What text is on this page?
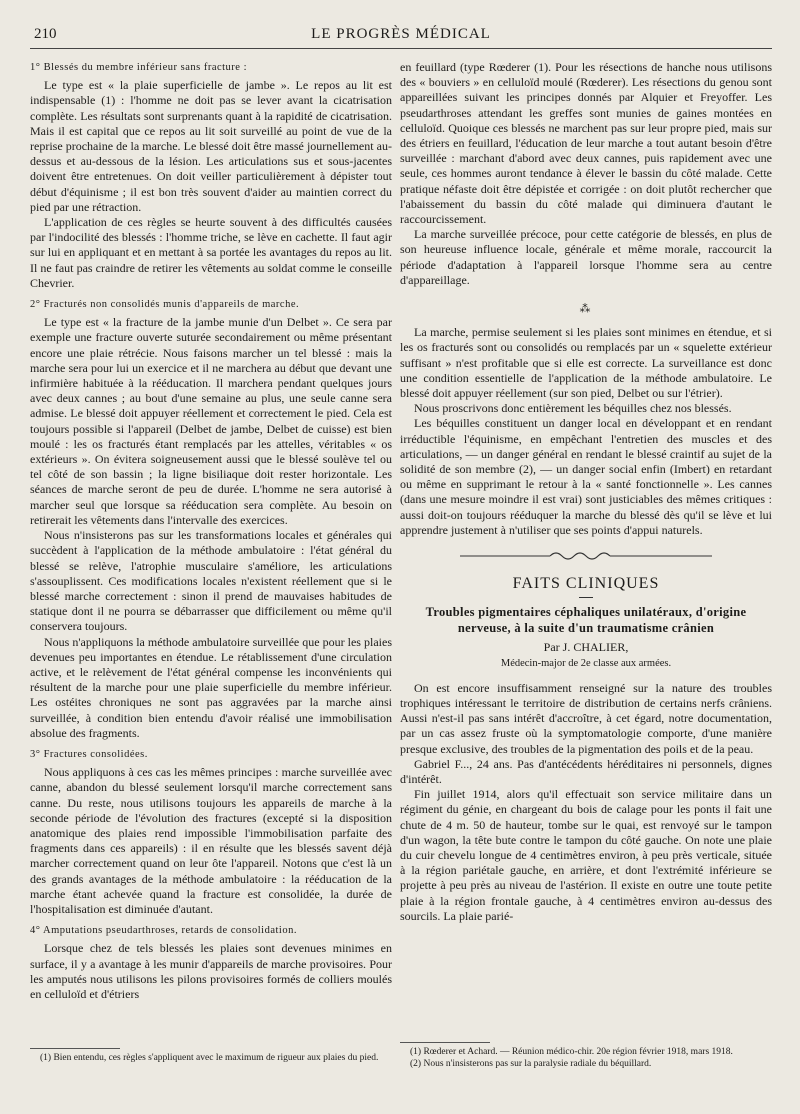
210	LE PROGRÈS MÉDICAL
1° Blessés du membre inférieur sans fracture :

Le type est « la plaie superficielle de jambe ». Le repos au lit est indispensable (1) : l'homme ne doit pas se lever avant la cicatrisation complète. Les résultats sont surprenants quant à la rapidité de cicatrisation. Mais il est capital que ce repos au lit soit surveillé au point de vue de la reprise prochaine de la marche. Le blessé doit être massé journellement au-dessus et au-dessous de la lésion. Les articulations sus et sous-jacentes doivent être entretenues. On doit veiller particulièrement à dépister tout début d'équinisme ; il est bon très souvent d'aider au maintien correct du pied par une rétraction.

L'application de ces règles se heurte souvent à des difficultés causées par l'indocilité des blessés : l'homme triche, se lève en cachette. Il faut agir sur lui en appliquant et en mettant à sa portée les avantages du repos au lit. Il ne faut pas craindre de retirer les vêtements au soldat comme le conseille Chevrier.

2° Fracturés non consolidés munis d'appareils de marche.

Le type est « la fracture de la jambe munie d'un Delbet ». Ce sera par exemple une fracture ouverte suturée secondairement ou même présentant encore une plaie rétrécie. Nous faisons marcher un tel blessé : mais la marche sera pour lui un exercice et il ne marchera au début que devant une infirmière habituée à la rééducation. Il marchera pendant quelques jours avec deux cannes ; au bout d'une semaine au plus, une seule canne sera admise. Le blessé doit appuyer réellement et correctement le pied. Cela est toujours possible si l'appareil (Delbet de jambe, Delbet de cuisse) est bien moulé : les os fracturés étant remplacés par les attelles, véritables « os extérieurs ». On évitera soigneusement aussi que le blessé soulève tel ou tel côté de son bassin ; la ligne bisiliaque doit rester horizontale. Les séances de marche seront de peu de durée. L'homme ne sera autorisé à marcher seul que lorsque sa rééducation sera complète. Au besoin on retirerait les vêtements dans l'intervalle des exercices.

Nous n'insisterons pas sur les transformations locales et générales qui succèdent à l'application de la méthode ambulatoire : l'état général du blessé se relève, l'atrophie musculaire s'améliore, les articulations s'assouplissent. Ces modifications locales n'existent réellement que si le blessé marche correctement : sinon il prend de mauvaises habitudes de statique dont il ne pourra se débarrasser que difficilement ou même qu'il conservera toujours.

Nous n'appliquons la méthode ambulatoire surveillée que pour les plaies devenues peu importantes en étendue. Le rétablissement d'une circulation active, et le relèvement de l'état général compense les inconvénients qui résultent de la marche pour une plaie superficielle du membre inférieur. Les ostéites chroniques ne sont pas aggravées par la marche ainsi surveillée, à condition bien entendu d'avoir réalisé une immobilisation absolue des fragments.

3° Fractures consolidées.

Nous appliquons à ces cas les mêmes principes : marche surveillée avec canne, abandon du blessé seulement lorsqu'il marche correctement sans canne. Du reste, nous utilisons toujours les appareils de marche à la seconde période de l'évolution des fractures (excepté si la disposition anatomique des plaies rend impossible l'immobilisation parfaite des fragments dans ces appareils) : il en résulte que les blessés savent déjà marcher correctement quand on leur ôte l'appareil. Notons que c'est là un des grands avantages de la méthode ambulatoire : la rééducation de la marche étant achevée quand la fracture est consolidée, la durée de l'hospitalisation est diminuée d'autant.

4° Amputations pseudarthroses, retards de consolidation.

Lorsque chez de tels blessés les plaies sont devenues minimes en surface, il y a avantage à les munir d'appareils de marche provisoires. Pour les amputés nous utilisons les pilons provisoires formés de colliers moulés en celluloïd et d'étriers

en feuillard (type Rœderer (1). Pour les résections de hanche nous utilisons des « bouviers » en celluloïd moulé (Rœderer). Les résections du genou sont appareillées suivant les principes donnés par Alquier et Freyoffer. Les pseudarthroses attendant les greffes sont munies de gaines montées en celluloïd. Quoique ces blessés ne marchent pas sur leur propre pied, mais sur des étriers en feuillard, l'éducation de leur marche a tout autant besoin d'être surveillée : marchant d'abord avec deux cannes, puis rapidement avec une seule, ces hommes auront tendance à élever le bassin du côté malade. Cette pratique néfaste doit être dépistée et corrigée : on doit plutôt rechercher que l'abaissement du bassin du côté malade qui diminuera d'autant le raccourcissement.

La marche surveillée précoce, pour cette catégorie de blessés, en plus de son heureuse influence locale, générale et même morale, raccourcit la période d'adaptation à l'appareil lorsque l'homme sera au centre d'appareillage.

⁂

La marche, permise seulement si les plaies sont minimes en étendue, et si les os fracturés sont ou consolidés ou remplacés par un « squelette extérieur suffisant » n'est profitable que si elle est correcte. La surveillance est donc une condition essentielle de l'application de la méthode ambulatoire. Le blessé doit appuyer réellement (sur son pied, Delbet ou sur l'étrier).

Nous proscrivons donc entièrement les béquilles chez nos blessés.

Les béquilles constituent un danger local en développant et en rendant irréductible l'équinisme, en empêchant l'entretien des muscles et des articulations, — un danger général en rendant le blessé craintif au sujet de la solidité de son membre (2), — un danger social enfin (Imbert) en retardant ou même en supprimant le retour à la « santé fonctionnelle ». Les cannes (dans une mesure moindre il est vrai) sont justiciables des mêmes critiques : aussi doit-on toujours rééduquer la marche du blessé dès qu'il se lève et lui apprendre justement à n'utiliser que ses points d'appui naturels.

FAITS CLINIQUES
Troubles pigmentaires céphaliques unilatéraux, d'origine nerveuse, à la suite d'un traumatisme crânien
Par J. CHALIER,
Médecin-major de 2e classe aux armées.

On est encore insuffisamment renseigné sur la nature des troubles trophiques intéressant le territoire de distribution de certains nerfs crâniens. Aussi n'est-il pas sans intérêt d'accroître, à cet égard, notre documentation, par un cas assez fruste où la symptomatologie comporte, d'une manière presque exclusive, des troubles de la pigmentation des poils et de la peau.

Gabriel F..., 24 ans. Pas d'antécédents héréditaires ni personnels, dignes d'intérêt.

Fin juillet 1914, alors qu'il effectuait son service militaire dans un régiment du génie, en chargeant du bois de calage pour les ponts il fait une chute de 4 m. 50 de hauteur, tombe sur le quai, est renvoyé sur le tampon d'un wagon, la tête bute contre le tampon du côté gauche. On note une plaie du cuir chevelu longue de 4 centimètres environ, à peu près verticale, située à la région pariétale gauche, en arrière, et dont l'extrémité inférieure se projette à peu près au niveau de l'astérion. Il existe en outre une toute petite plaie à la région frontale gauche, à 4 centimètres environ au-dessus des sourcils. La plaie parié-

(1) Bien entendu, ces règles s'appliquent avec le maximum de rigueur aux plaies du pied.

(1) Rœderer et Achard. — Réunion médico-chir. 20e région février 1918, mars 1918.

(2) Nous n'insisterons pas sur la paralysie radiale du béquillard.
